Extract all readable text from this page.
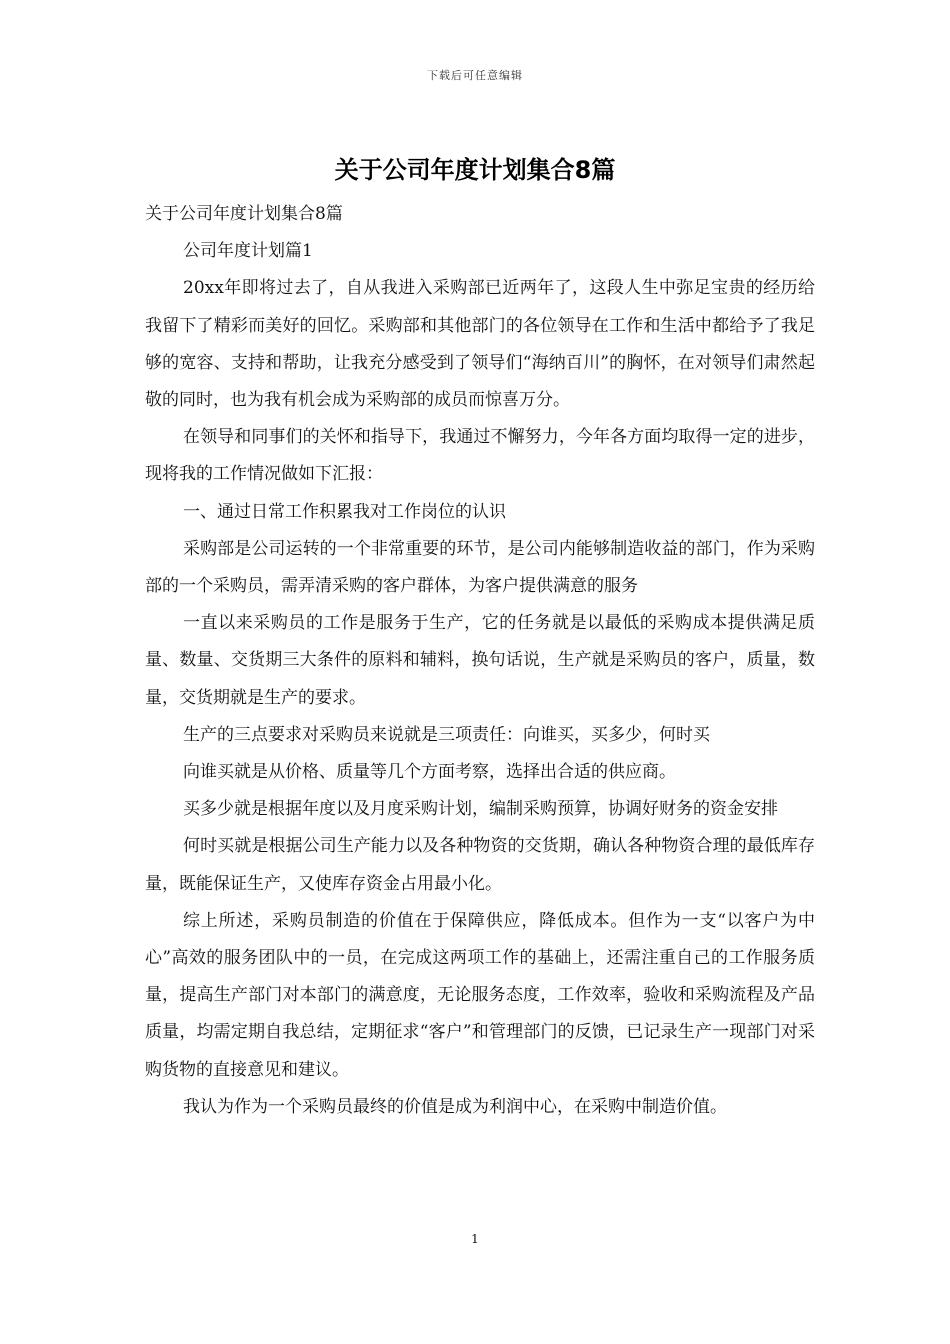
下载后可任意编辑
关于公司年度计划集合8篇

关于公司年度计划集合8篇

公司年度计划篇1

20xx年即将过去了，自从我进入采购部已近两年了，这段人生中弥足宝贵的经历给我留下了精彩而美好的回忆。采购部和其他部门的各位领导在工作和生活中都给予了我足够的宽容、支持和帮助，让我充分感受到了领导们“海纳百川”的胸怀，在对领导们肃然起敬的同时，也为我有机会成为采购部的成员而惊喜万分。

在领导和同事们的关怀和指导下，我通过不懈努力，今年各方面均取得一定的进步，现将我的工作情况做如下汇报：

一、通过日常工作积累我对工作岗位的认识

采购部是公司运转的一个非常重要的环节，是公司内能够制造收益的部门，作为采购部的一个采购员，需弄清采购的客户群体，为客户提供满意的服务

一直以来采购员的工作是服务于生产，它的任务就是以最低的采购成本提供满足质量、数量、交货期三大条件的原料和辅料，换句话说，生产就是采购员的客户，质量，数量，交货期就是生产的要求。

生产的三点要求对采购员来说就是三项责任：向谁买，买多少，何时买

向谁买就是从价格、质量等几个方面考察，选择出合适的供应商。

买多少就是根据年度以及月度采购计划，编制采购预算，协调好财务的资金安排

何时买就是根据公司生产能力以及各种物资的交货期，确认各种物资合理的最低库存量，既能保证生产，又使库存资金占用最小化。

综上所述，采购员制造的价值在于保障供应，降低成本。但作为一支“以客户为中心”高效的服务团队中的一员，在完成这两项工作的基础上，还需注重自己的工作服务质量，提高生产部门对本部门的满意度，无论服务态度，工作效率，验收和采购流程及产品质量，均需定期自我总结，定期征求“客户”和管理部门的反馈，已记录生产一现部门对采购货物的直接意见和建议。

我认为作为一个采购员最终的价值是成为利润中心，在采购中制造价值。

1
